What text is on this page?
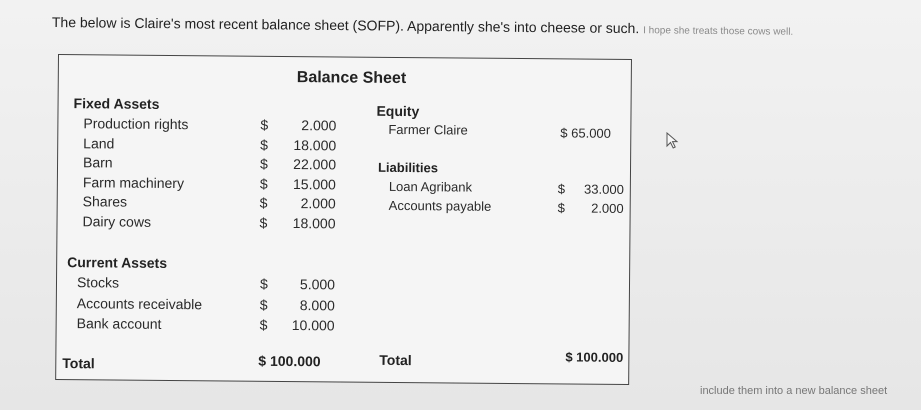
The below is Claire's most recent balance sheet (SOFP). Apparently she's into cheese or such. I hope she treats those cows well.
Balance Sheet
Fixed Assets
Production rights	$	2.000
Land	$	18.000
Barn	$	22.000
Farm machinery	$	15.000
Shares	$	2.000
Dairy cows	$	18.000
Current Assets
Stocks	$	5.000
Accounts receivable	$	8.000
Bank account	$	10.000
Total	$ 100.000
Equity
Farmer Claire	$ 65.000
Liabilities
Loan Agribank	$	33.000
Accounts payable	$	2.000
Total	$ 100.000
include them into a new balance sheet
